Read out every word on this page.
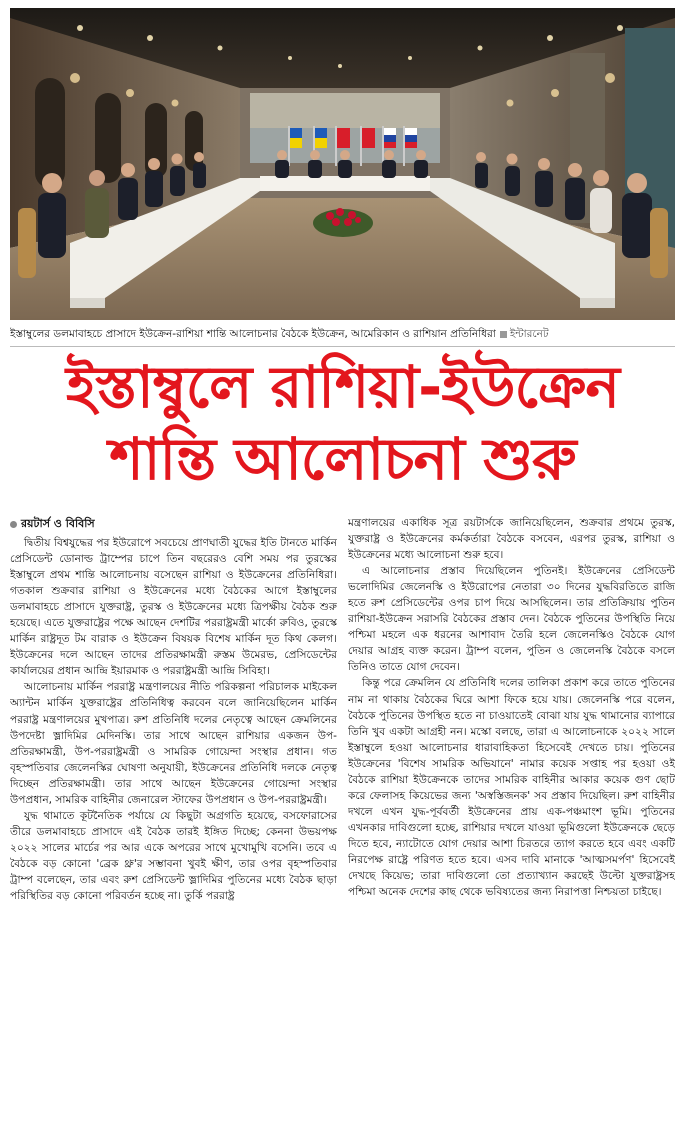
ইস্তাম্বুলের ডলমাবাহচে প্রাসাদে ইউক্রেন-রাশিয়া শান্তি আলোচনার বৈঠকে ইউক্রেন, আমেরিকান ও রাশিয়ান প্রতিনিধিরা ইন্টারনেট
ইস্তাম্বুলে রাশিয়া-ইউক্রেন
শান্তি আলোচনা শুরু
রয়টার্স ও বিবিসি

দ্বিতীয় বিশ্বযুদ্ধের পর ইউরোপে সবচেয়ে প্রাণঘাতী যুদ্ধের ইতি টানতে মার্কিন প্রেসিডেন্ট ডোনাল্ড ট্রাম্পের চাপে তিন বছরেরও বেশি সময় পর তুরস্কের ইস্তাম্বুলে প্রথম শান্তি আলোচনায় বসেছেন রাশিয়া ও ইউক্রেনের প্রতিনিধিরা। গতকাল শুক্রবার রাশিয়া ও ইউক্রেনের মধ্যে বৈঠকের আগে ইস্তাম্বুলের ডলমাবাহচে প্রাসাদে যুক্তরাষ্ট্র, তুরস্ক ও ইউক্রেনের মধ্যে ত্রিপক্ষীয় বৈঠক শুরু হয়েছে। এতে যুক্তরাষ্ট্রের পক্ষে আছেন দেশটির পররাষ্ট্রমন্ত্রী মার্কো রুবিও, তুরস্কে মার্কিন রাষ্ট্রদূত টম বারাক ও ইউক্রেন বিষয়ক বিশেষ মার্কিন দূত কিথ কেলগ। ইউক্রেনের দলে আছেন তাদের প্রতিরক্ষামন্ত্রী রুস্তম উমেরভ, প্রেসিডেন্টের কার্যালয়ের প্রধান আন্দ্রি ইয়ারমাক ও পররাষ্ট্রমন্ত্রী আন্দ্রি সিবিহা।

আলোচনায় মার্কিন পররাষ্ট্র মন্ত্রণালয়ের নীতি পরিকল্পনা পরিচালক মাইকেল অ্যান্টন মার্কিন যুক্তরাষ্ট্রের প্রতিনিধিত্ব করবেন বলে জানিয়েছিলেন মার্কিন পররাষ্ট্র মন্ত্রণালয়ের মুখপাত্র। রুশ প্রতিনিধি দলের নেতৃত্বে আছেন ক্রেমলিনের উপদেষ্টা ভ্লাদিমির মেদিনস্কি। তার সাথে আছেন রাশিয়ার একজন উপ-প্রতিরক্ষামন্ত্রী, উপ-পররাষ্ট্রমন্ত্রী ও সামরিক গোয়েন্দা সংস্থার প্রধান। গত বৃহস্পতিবার জেলেনস্কির ঘোষণা অনুযায়ী, ইউক্রেনের প্রতিনিধি দলকে নেতৃত্ব দিচ্ছেন প্রতিরক্ষামন্ত্রী। তার সাথে আছেন ইউক্রেনের গোয়েন্দা সংস্থার উপপ্রধান, সামরিক বাহিনীর জেনারেল স্টাফের উপপ্রধান ও উপ-পররাষ্ট্রমন্ত্রী।

যুদ্ধ থামাতে কূটনৈতিক পর্যায়ে যে কিছুটা অগ্রগতি হয়েছে, বসফোরাসের তীরে ডলমাবাহচে প্রাসাদে এই বৈঠক তারই ইঙ্গিত দিচ্ছে; কেননা উভয়পক্ষ ২০২২ সালের মার্চের পর আর একে অপরের সাথে মুখোমুখি বসেনি। তবে এ বৈঠকে বড় কোনো 'ব্রেক থ্রু'র সম্ভাবনা খুবই ক্ষীণ, তার ওপর বৃহস্পতিবার ট্রাম্প বলেছেন, তার এবং রুশ প্রেসিডেন্ট ভ্লাদিমির পুতিনের মধ্যে বৈঠক ছাড়া পরিস্থিতির বড় কোনো পরিবর্তন হচ্ছে না। তুর্কি পররাষ্ট্র

মন্ত্রণালয়ের একাধিক সূত্র রয়টার্সকে জানিয়েছিলেন, শুক্রবার প্রথমে তুরস্ক, যুক্তরাষ্ট্র ও ইউক্রেনের কর্মকর্তারা বৈঠকে বসবেন, এরপর তুরস্ক, রাশিয়া ও ইউক্রেনের মধ্যে আলোচনা শুরু হবে।

এ আলোচনার প্রস্তাব দিয়েছিলেন পুতিনই। ইউক্রেনের প্রেসিডেন্ট ভলোদিমির জেলেনস্কি ও ইউরোপের নেতারা ৩০ দিনের যুদ্ধবিরতিতে রাজি হতে রুশ প্রেসিডেন্টের ওপর চাপ দিয়ে আসছিলেন। তার প্রতিক্রিয়ায় পুতিন রাশিয়া-ইউক্রেন সরাসরি বৈঠকের প্রস্তাব দেন। বৈঠকে পুতিনের উপস্থিতি নিয়ে পশ্চিমা মহলে এক ধরনের আশাবাদ তৈরি হলে জেলেনস্কিও বৈঠকে যোগ দেয়ার আগ্রহ ব্যক্ত করেন। ট্রাম্প বলেন, পুতিন ও জেলেনস্কি বৈঠকে বসলে তিনিও তাতে যোগ দেবেন।

কিন্তু পরে ক্রেমলিন যে প্রতিনিধি দলের তালিকা প্রকাশ করে তাতে পুতিনের নাম না থাকায় বৈঠকের ঘিরে আশা ফিকে হয়ে যায়। জেলেনস্কি পরে বলেন, বৈঠকে পুতিনের উপস্থিত হতে না চাওয়াতেই বোঝা যায় যুদ্ধ থামানোর ব্যাপারে তিনি খুব একটা আগ্রহী নন। মস্কো বলছে, তারা এ আলোচনাকে ২০২২ সালে ইস্তাম্বুলে হওয়া আলোচনার ধারাবাহিকতা হিসেবেই দেখতে চায়। পুতিনের ইউক্রেনের 'বিশেষ সামরিক অভিযানে' নামার কয়েক সপ্তাহ পর হওয়া ওই বৈঠকে রাশিয়া ইউক্রেনকে তাদের সামরিক বাহিনীর আকার কয়েক গুণ ছোট করে ফেলাসহ কিয়েভের জন্য 'অস্বস্তিজনক' সব প্রস্তাব দিয়েছিল। রুশ বাহিনীর দখলে এখন যুদ্ধ-পূর্ববর্তী ইউক্রেনের প্রায় এক-পঞ্চমাংশ ভূমি। পুতিনের এখনকার দাবিগুলো হচ্ছে, রাশিয়ার দখলে যাওয়া ভূমিগুলো ইউক্রেনকে ছেড়ে দিতে হবে, ন্যাটোতে যোগ দেয়ার আশা চিরতরে ত্যাগ করতে হবে এবং একটি নিরপেক্ষ রাষ্ট্রে পরিণত হতে হবে। এসব দাবি মানাকে 'আত্মসমর্পণ' হিসেবেই দেখছে কিয়েভ; তারা দাবিগুলো তো প্রত্যাখ্যান করছেই উল্টো যুক্তরাষ্ট্রসহ পশ্চিমা অনেক দেশের কাছ থেকে ভবিষ্যতের জন্য নিরাপত্তা নিশ্চয়তা চাইছে।
